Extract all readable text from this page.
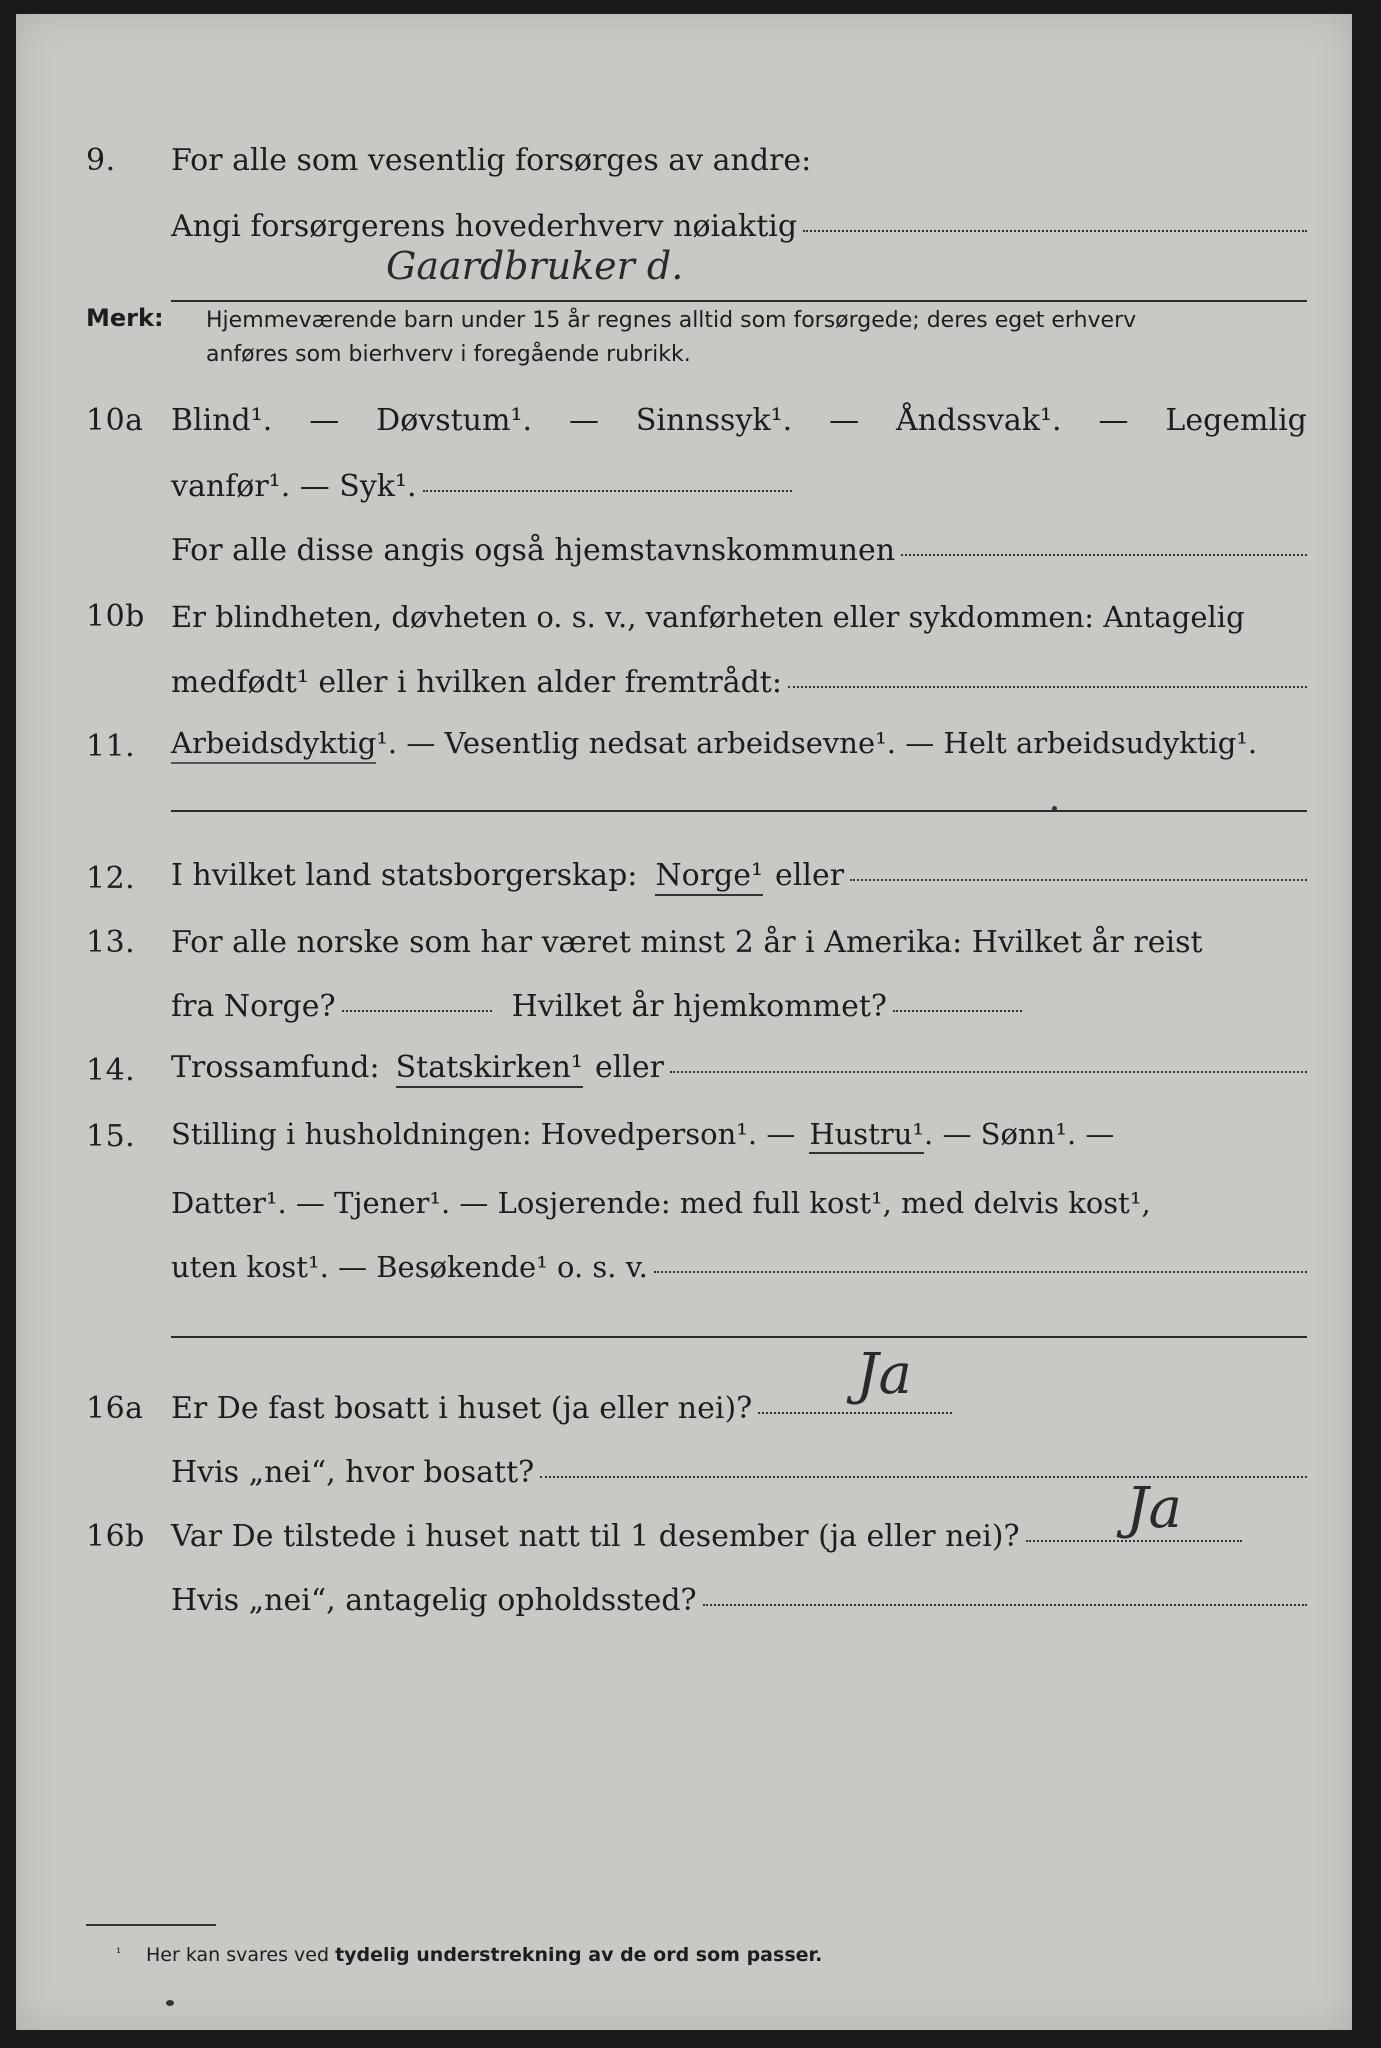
9. For alle som vesentlig forsørges av andre:
Angi forsørgerens hovederhverv nøiaktig
Gaardbruker d.
Merk: Hjemmeværende barn under 15 år regnes alltid som forsørgede; deres eget erhverv
anføres som bierhverv i foregående rubrikk.
10a Blind¹. — Døvstum¹. — Sinnssyk¹. — Åndssvak¹. — Legemlig
vanfør¹. — Syk¹.
For alle disse angis også hjemstavnskommunen
10b Er blindheten, døvheten o. s. v., vanførheten eller sykdommen: Antagelig
medfødt¹ eller i hvilken alder fremtrådt:
11. Arbeidsdyktig ¹. — Vesentlig nedsat arbeidsevne¹. — Helt arbeidsudyktig¹.
12. I hvilket land statsborgerskap: Norge¹ eller
13. For alle norske som har været minst 2 år i Amerika: Hvilket år reist
fra Norge?	Hvilket år hjemkommet?
14. Trossamfund: Statskirken¹ eller
15. Stilling i husholdningen: Hovedperson¹. — Hustru¹ . — Sønn¹. —
Datter¹. — Tjener¹. — Losjerende: med full kost¹, med delvis kost¹,
uten kost¹. — Besøkende¹ o. s. v.
16a Er De fast bosatt i huset (ja eller nei)?
Ja
Hvis „nei“, hvor bosatt?
16b Var De tilstede i huset natt til 1 desember (ja eller nei)? Ja
Hvis „nei“, antagelig opholdssted?
¹ Her kan svares ved tydelig understrekning av de ord som passer.
